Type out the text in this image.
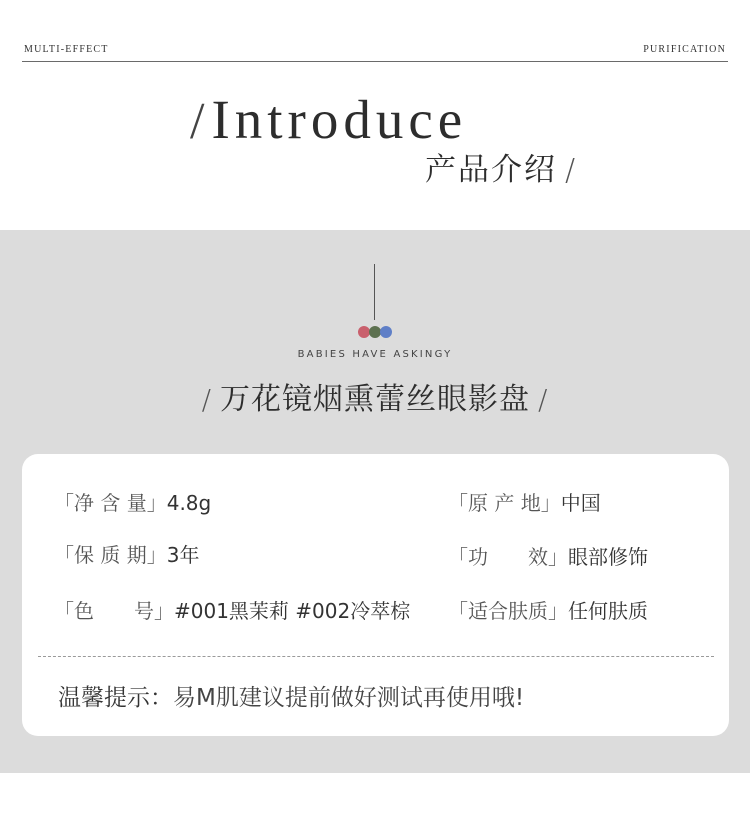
MULTI-EFFECT	PURIFICATION
/Introduce
产品介绍 /
BABIES HAVE ASKINGY
/ 万花镜烟熏蕾丝眼影盘 /
「净 含 量」4.8g
「保 质 期」3年
「色　　号」#001黑茉莉 #002冷萃棕
「原 产 地」中国
「功　　效」眼部修饰
「适合肤质」任何肤质
温馨提示：易M肌建议提前做好测试再使用哦!
